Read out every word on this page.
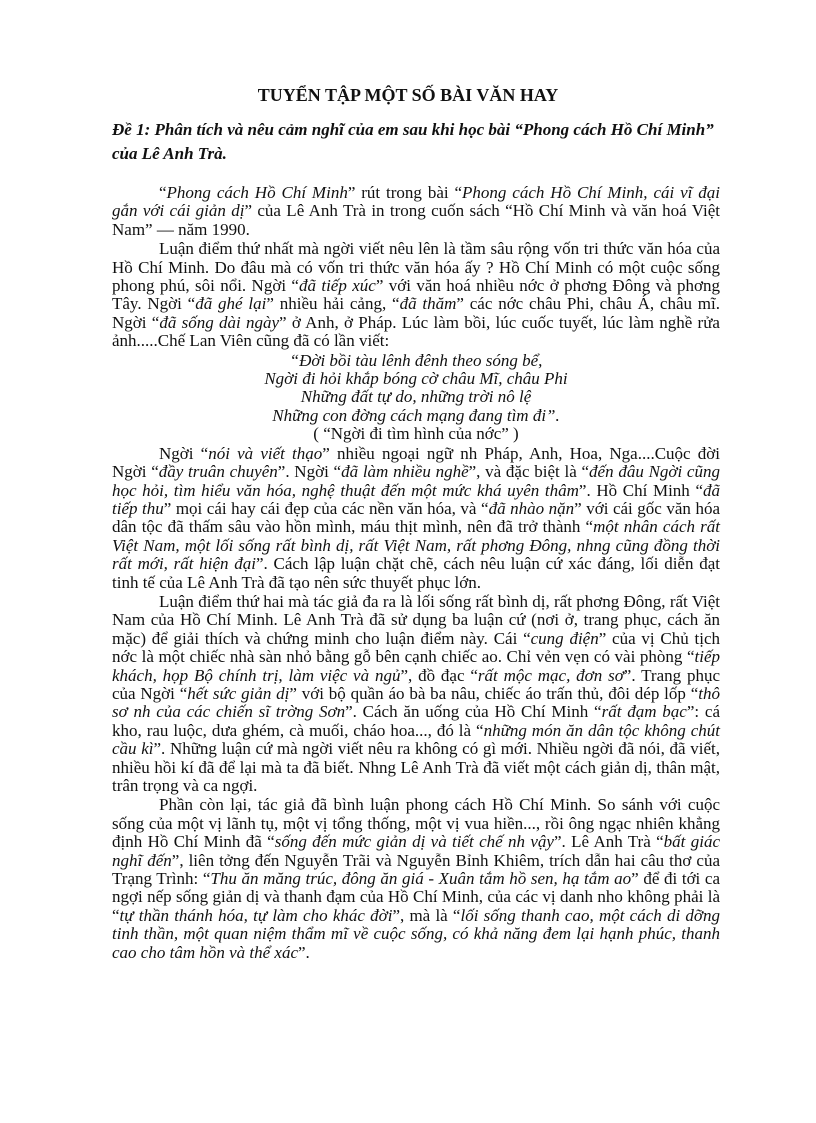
TUYỂN TẬP MỘT SỐ BÀI VĂN HAY

Đề 1: Phân tích và nêu cảm nghĩ của em sau khi học bài “Phong cách Hồ Chí Minh” của Lê Anh Trà.

“Phong cách Hồ Chí Minh” rút trong bài “Phong cách Hồ Chí Minh, cái vĩ đại gắn với cái giản dị” của Lê Anh Trà in trong cuốn sách “Hồ Chí Minh và văn hoá Việt Nam” — năm 1990.

Luận điểm thứ nhất mà ngời viết nêu lên là tầm sâu rộng vốn tri thức văn hóa của Hồ Chí Minh. Do đâu mà có vốn tri thức văn hóa ấy ? Hồ Chí Minh có một cuộc sống phong phú, sôi nổi. Ngời “đã tiếp xúc” với văn hoá nhiều nớc ở phơng Đông và phơng Tây. Ngời “đã ghé lại” nhiều hải cảng, “đã thăm” các nớc châu Phi, châu Á, châu mĩ. Ngời “đã sống dài ngày” ở Anh, ở Pháp. Lúc làm bồi, lúc cuốc tuyết, lúc làm nghề rửa ảnh.....Chế Lan Viên cũng đã có lần viết:

“Đời bồi tàu lênh đênh theo sóng bể,
Ngời đi hỏi khắp bóng cờ châu Mĩ, châu Phi
Những đất tự do, những trời nô lệ
Những con đờng cách mạng đang tìm đi”.
( “Ngời đi tìm hình của nớc” )

Ngời “nói và viết thạo” nhiều ngoại ngữ nh Pháp, Anh, Hoa, Nga....Cuộc đời Ngời “đầy truân chuyên”. Ngời “đã làm nhiều nghề”, và đặc biệt là “đến đâu Ngời cũng học hỏi, tìm hiểu văn hóa, nghệ thuật đến một mức khá uyên thâm”. Hồ Chí Minh “đã tiếp thu” mọi cái hay cái đẹp của các nền văn hóa, và “đã nhào nặn” với cái gốc văn hóa dân tộc đã thấm sâu vào hồn mình, máu thịt mình, nên đã trở thành “một nhân cách rất Việt Nam, một lối sống rất bình dị, rất Việt Nam, rất phơng Đông, nhng cũng đồng thời rất mới, rất hiện đại”. Cách lập luận chặt chẽ, cách nêu luận cứ xác đáng, lối diễn đạt tinh tế của Lê Anh Trà đã tạo nên sức thuyết phục lớn.

Luận điểm thứ hai mà tác giả đa ra là lối sống rất bình dị, rất phơng Đông, rất Việt Nam của Hồ Chí Minh. Lê Anh Trà đã sử dụng ba luận cứ (nơi ở, trang phục, cách ăn mặc) để giải thích và chứng minh cho luận điểm này. Cái “cung điện” của vị Chủ tịch nớc là một chiếc nhà sàn nhỏ bằng gỗ bên cạnh chiếc ao. Chỉ vẻn vẹn có vài phòng “tiếp khách, họp Bộ chính trị, làm việc và ngủ”, đồ đạc “rất mộc mạc, đơn sơ”. Trang phục của Ngời “hết sức giản dị” với bộ quần áo bà ba nâu, chiếc áo trấn thủ, đôi dép lốp “thô sơ nh của các chiến sĩ trờng Sơn”. Cách ăn uống của Hồ Chí Minh “rất đạm bạc”: cá kho, rau luộc, dưa ghém, cà muối, cháo hoa..., đó là “những món ăn dân tộc không chút cầu kì”. Những luận cứ mà ngời viết nêu ra không có gì mới. Nhiều ngời đã nói, đã viết, nhiều hồi kí đã để lại mà ta đã biết. Nhng Lê Anh Trà đã viết một cách giản dị, thân mật, trân trọng và ca ngợi.

Phần còn lại, tác giả đã bình luận phong cách Hồ Chí Minh. So sánh với cuộc sống của một vị lãnh tụ, một vị tổng thống, một vị vua hiền..., rồi ông ngạc nhiên khẳng định Hồ Chí Minh đã “sống đến mức giản dị và tiết chế nh vậy”. Lê Anh Trà “bất giác nghĩ đến”, liên tởng đến Nguyễn Trãi và Nguyễn Bỉnh Khiêm, trích dẫn hai câu thơ của Trạng Trình: “Thu ăn măng trúc, đông ăn giá - Xuân tắm hồ sen, hạ tắm ao” để đi tới ca ngợi nếp sống giản dị và thanh đạm của Hồ Chí Minh, của các vị danh nho không phải là “tự thần thánh hóa, tự làm cho khác đời”, mà là “lối sống thanh cao, một cách di dỡng tinh thần, một quan niệm thẩm mĩ về cuộc sống, có khả năng đem lại hạnh phúc, thanh cao cho tâm hồn và thể xác”.
